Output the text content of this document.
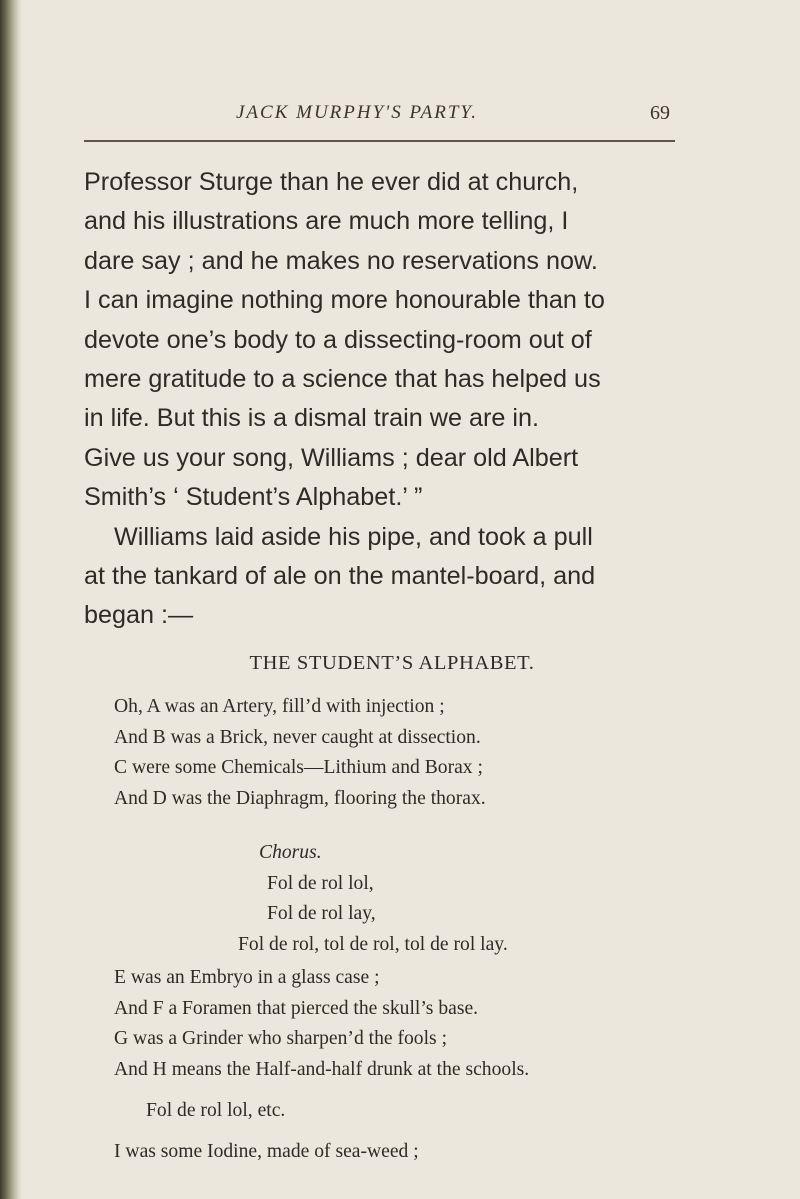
JACK MURPHY'S PARTY.	69

Professor Sturge than he ever did at church,

and his illustrations are much more telling, I

dare say ; and he makes no reservations now.

I can imagine nothing more honourable than to

devote one’s body to a dissecting-room out of

mere gratitude to a science that has helped us

in life. But this is a dismal train we are in.

Give us your song, Williams ; dear old Albert

Smith’s ‘ Student’s Alphabet.’ ”

Williams laid aside his pipe, and took a pull

at the tankard of ale on the mantel-board, and

began :—

THE STUDENT’S ALPHABET.
Oh, A was an Artery, fill’d with injection ;
And B was a Brick, never caught at dissection.
C were some Chemicals—Lithium and Borax ;
And D was the Diaphragm, flooring the thorax.
Chorus.
Fol de rol lol,
Fol de rol lay,
Fol de rol, tol de rol, tol de rol lay.
E was an Embryo in a glass case ;
And F a Foramen that pierced the skull’s base.
G was a Grinder who sharpen’d the fools ;
And H means the Half-and-half drunk at the schools.
Fol de rol lol, etc.
I was some Iodine, made of sea-weed ;
